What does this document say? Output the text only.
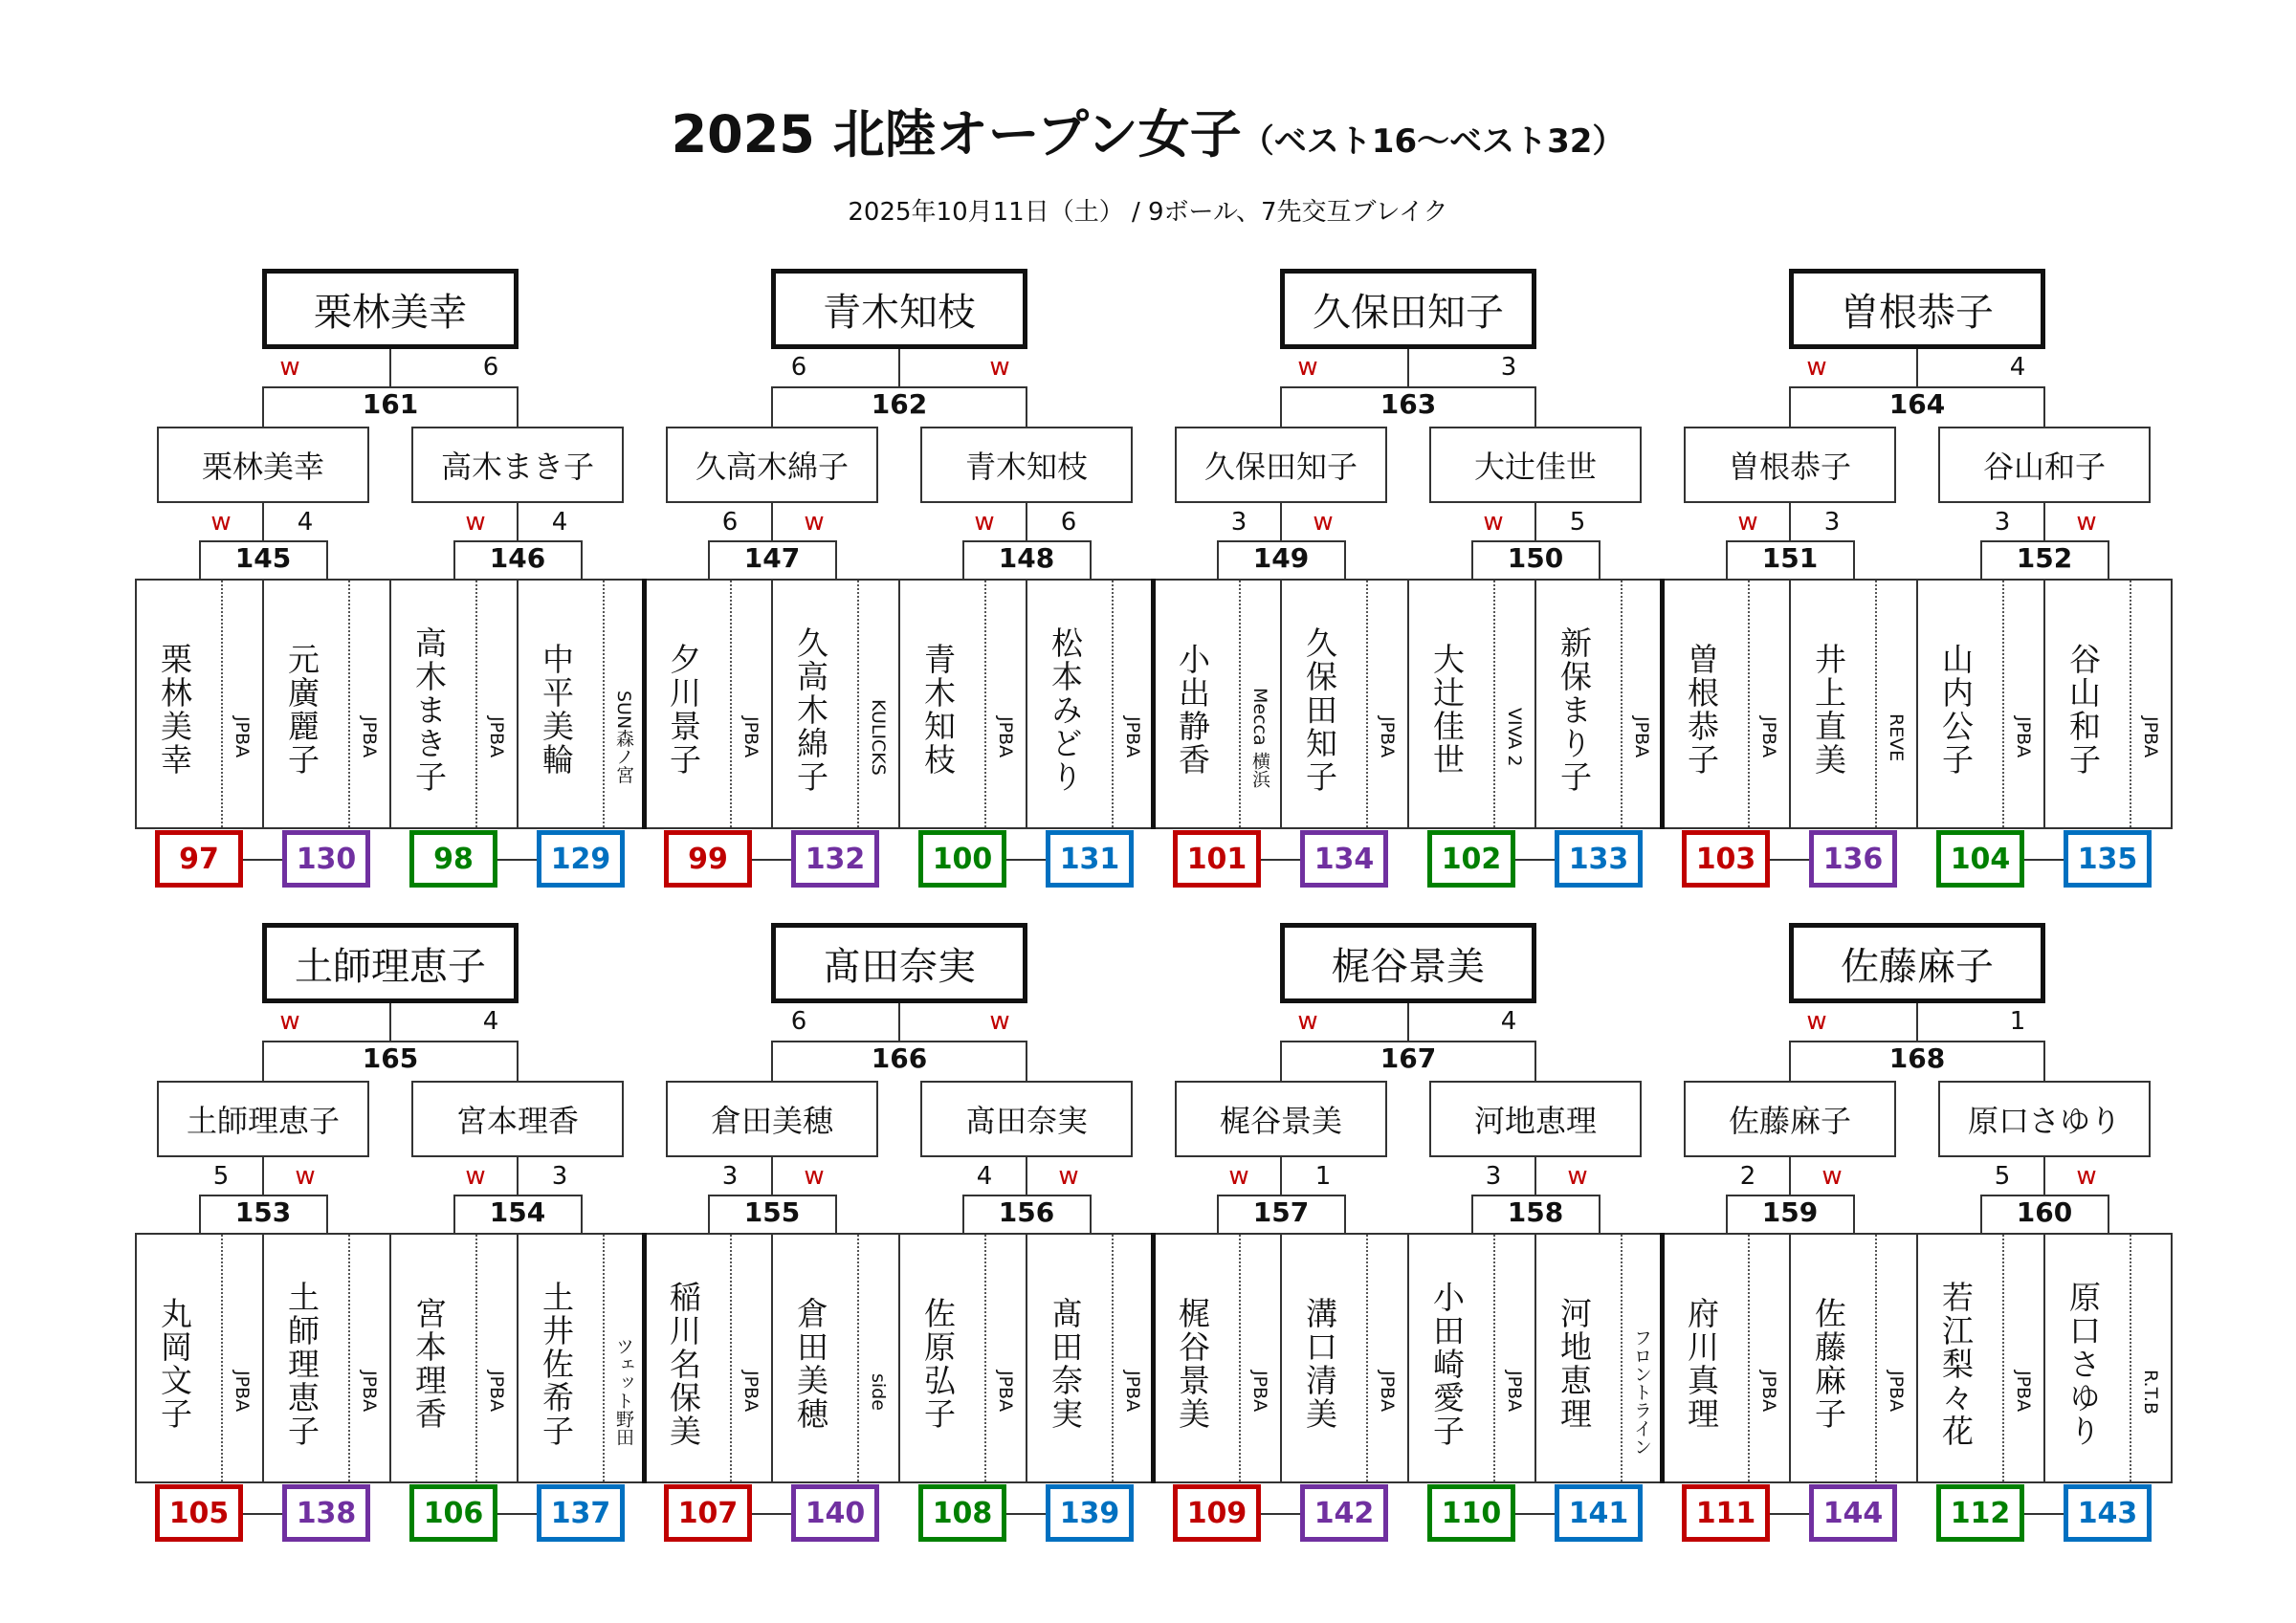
2025 北陸オープン女子（ベスト16～ベスト32）
2025年10月11日（土） / 9ボール、7先交互ブレイク
栗林美幸
161
w	6
栗林美幸
145
w	4
栗林美幸 JPBA
97
元廣麗子 JPBA
130
高木まき子
146
w	4
高木まき子 JPBA
98
中平美輪 SUN森ノ宮
129
青木知枝
162
6	w
久高木綿子
147
6	w
夕川景子 JPBA
99
久高木綿子 KULICKS
132
青木知枝
148
w	6
青木知枝 JPBA
100
松本みどり JPBA
131
久保田知子
163
w	3
久保田知子
149
3	w
小出静香 Mecca 横浜
101
久保田知子 JPBA
134
大辻佳世
150
w	5
大辻佳世 VIVA 2
102
新保まり子 JPBA
133
曽根恭子
164
w	4
曽根恭子
151
w	3
曽根恭子 JPBA
103
井上直美 REVE
136
谷山和子
152
3	w
山内公子 JPBA
104
谷山和子 JPBA
135
土師理恵子
165
w	4
土師理恵子
153
5	w
丸岡文子 JPBA
105
土師理恵子 JPBA
138
宮本理香
154
w	3
宮本理香 JPBA
106
土井佐希子 ツェット野田
137
髙田奈実
166
6	w
倉田美穂
155
3	w
稲川名保美 JPBA
107
倉田美穂 side
140
髙田奈実
156
4	w
佐原弘子 JPBA
108
髙田奈実 JPBA
139
梶谷景美
167
w	4
梶谷景美
157
w	1
梶谷景美 JPBA
109
溝口清美 JPBA
142
河地恵理
158
3	w
小田崎愛子 JPBA
110
河地恵理 フロントライン
141
佐藤麻子
168
w	1
佐藤麻子
159
2	w
府川真理 JPBA
111
佐藤麻子 JPBA
144
原口さゆり
160
5	w
若江梨々花 JPBA
112
原口さゆり R.T.B
143
